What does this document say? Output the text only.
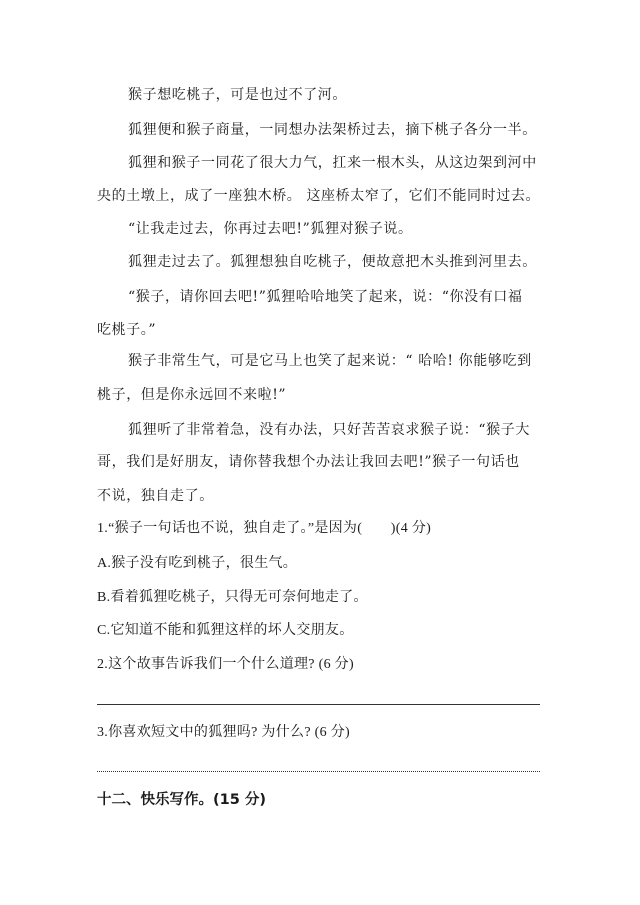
猴子想吃桃子，可是也过不了河。
狐狸便和猴子商量，一同想办法架桥过去，摘下桃子各分一半。
狐狸和猴子一同花了很大力气，扛来一根木头，从这边架到河中
央的土墩上，成了一座独木桥。 这座桥太窄了，它们不能同时过去。
“让我走过去，你再过去吧!”狐狸对猴子说。
狐狸走过去了。狐狸想独自吃桃子，便故意把木头推到河里去。
“猴子，请你回去吧!”狐狸哈哈地笑了起来，说：“你没有口福
吃桃子。”
猴子非常生气，可是它马上也笑了起来说：“ 哈哈! 你能够吃到
桃子，但是你永远回不来啦!”
狐狸听了非常着急，没有办法，只好苦苦哀求猴子说：“猴子大
哥，我们是好朋友，请你替我想个办法让我回去吧!”猴子一句话也
不说，独自走了。
1.“猴子一句话也不说，独自走了。”是因为(　　)(4 分)
A.猴子没有吃到桃子，很生气。
B.看着狐狸吃桃子，只得无可奈何地走了。
C.它知道不能和狐狸这样的坏人交朋友。
2.这个故事告诉我们一个什么道理? (6 分)
3.你喜欢短文中的狐狸吗? 为什么? (6 分)
十二、快乐写作。(15 分)
